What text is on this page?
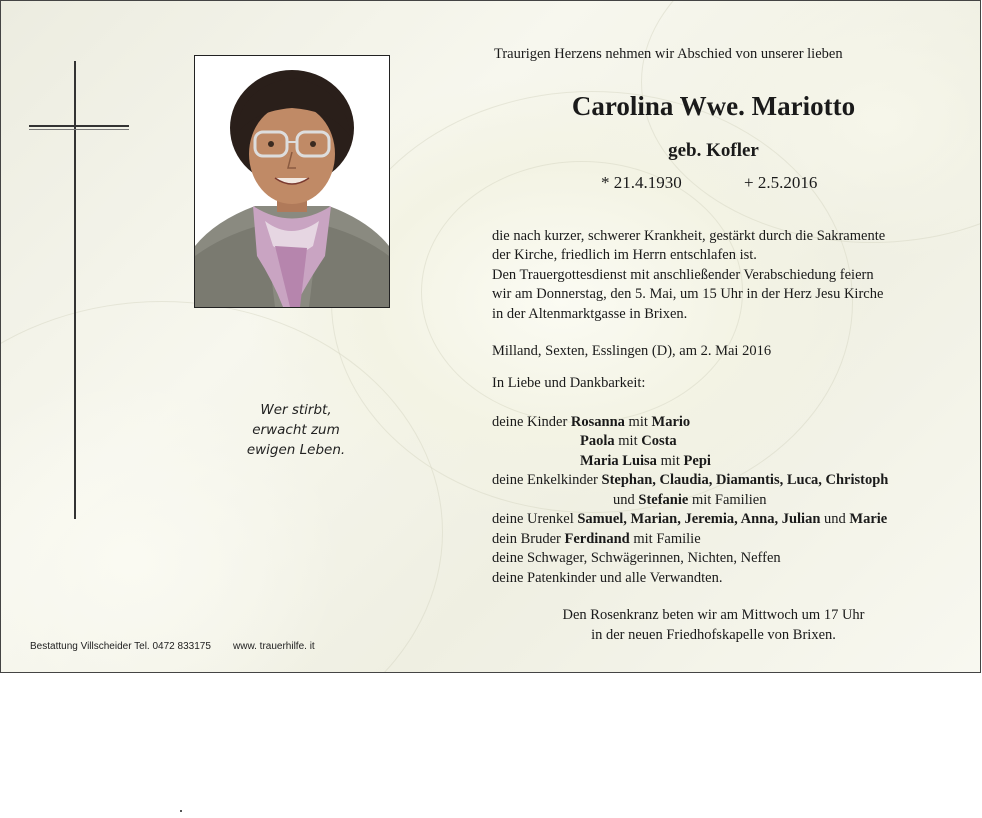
Wer stirbt,
erwacht zum
ewigen Leben.
Traurigen Herzens nehmen wir Abschied von unserer lieben
Carolina Wwe. Mariotto
geb. Kofler
* 21.4.1930	+ 2.5.2016
die nach kurzer, schwerer Krankheit, gestärkt durch die Sakramente
der Kirche, friedlich im Herrn entschlafen ist.
Den Trauergottesdienst mit anschließender Verabschiedung feiern
wir am Donnerstag, den 5. Mai, um 15 Uhr in der Herz Jesu Kirche
in der Altenmarktgasse in Brixen.
Milland, Sexten, Esslingen (D), am 2. Mai 2016
In Liebe und Dankbarkeit:
deine Kinder Rosanna mit Mario
Paola mit Costa
Maria Luisa mit Pepi
deine Enkelkinder Stephan, Claudia, Diamantis, Luca, Christoph
und Stefanie mit Familien
deine Urenkel Samuel, Marian, Jeremia, Anna, Julian und Marie
dein Bruder Ferdinand mit Familie
deine Schwager, Schwägerinnen, Nichten, Neffen
deine Patenkinder und alle Verwandten.
Den Rosenkranz beten wir am Mittwoch um 17 Uhr
in der neuen Friedhofskapelle von Brixen.
Bestattung Villscheider Tel. 0472 833175 www. trauerhilfe. it
